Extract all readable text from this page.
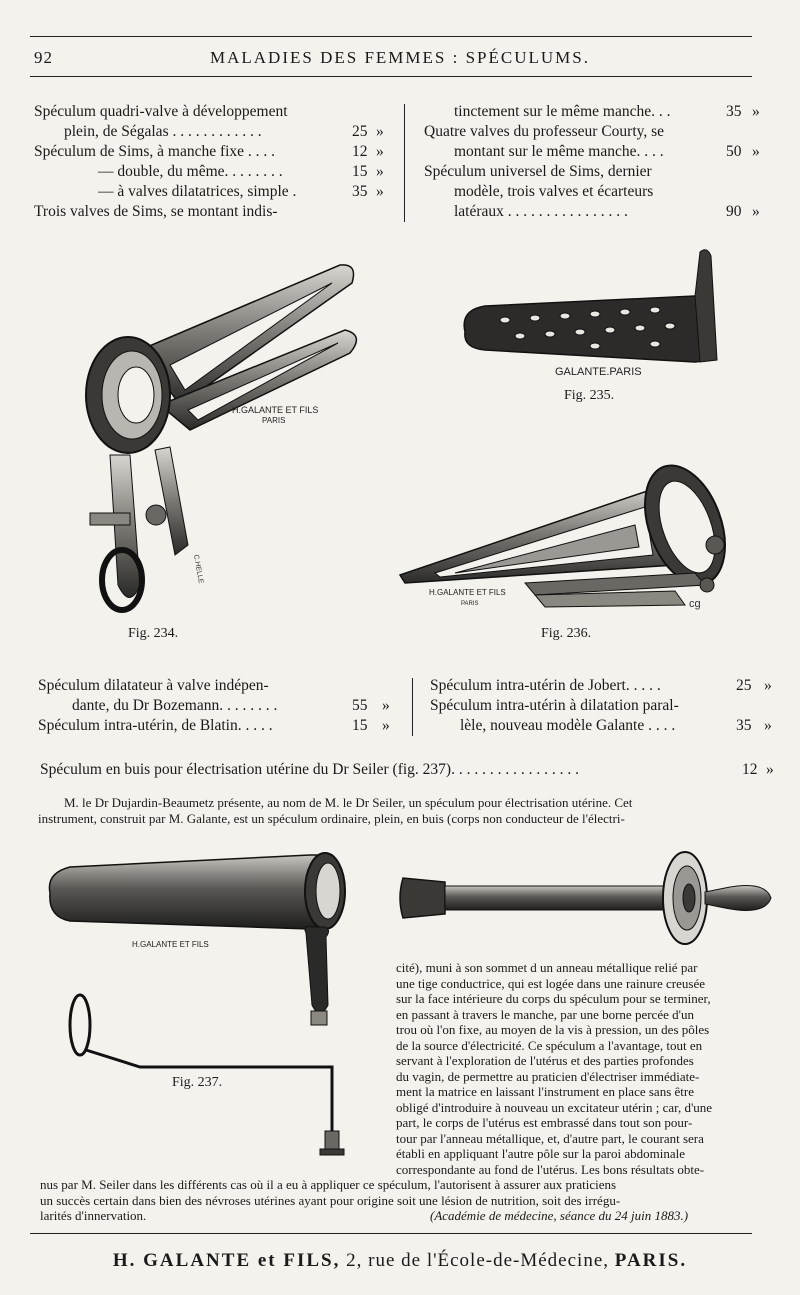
92	MALADIES DES FEMMES : SPÉCULUMS.
Spéculum quadri-valve à développement
plein, de Ségalas . . . . . . . . . . . .	25 »
Spéculum de Sims, à manche fixe . . . .	12 »
— double, du même. . . . . . . .	15 »
— à valves dilatatrices, simple .	35 »
Trois valves de Sims, se montant indis-
tinctement sur le même manche. . .	35 »
Quatre valves du professeur Courty, se
montant sur le même manche. . . .	50 »
Spéculum universel de Sims, dernier
modèle, trois valves et écarteurs
latéraux . . . . . . . . . . . . . . . .	90 »
H.GALANTE ET FILS
PARIS
C.HELLE
Fig. 234.
GALANTE.PARIS
Fig. 235.
H.GALANTE ET FILS
PARIS	cg
Fig. 236.
Spéculum dilatateur à valve indépen-
dante, du Dr Bozemann. . . . . . . .	55 »
Spéculum intra-utérin, de Blatin. . . . .	15 »
Spéculum intra-utérin de Jobert. . . . .	25 »
Spéculum intra-utérin à dilatation paral-
lèle, nouveau modèle Galante . . . .	35 »
Spéculum en buis pour électrisation utérine du Dr Seiler (fig. 237). . . . . . . . . . . . . . . . .	12 »
M. le Dr Dujardin-Beaumetz présente, au nom de M. le Dr Seiler, un spéculum pour électrisation utérine. Cet
instrument, construit par M. Galante, est un spéculum ordinaire, plein, en buis (corps non conducteur de l'électri-
H.GALANTE ET FILS
Fig. 237.
cité), muni à son sommet d un anneau métallique relié par
une tige conductrice, qui est logée dans une rainure creusée
sur la face intérieure du corps du spéculum pour se terminer,
en passant à travers le manche, par une borne percée d'un
trou où l'on fixe, au moyen de la vis à pression, un des pôles
de la source d'électricité. Ce spéculum a l'avantage, tout en
servant à l'exploration de l'utérus et des parties profondes
du vagin, de permettre au praticien d'électriser immédiate-
ment la matrice en laissant l'instrument en place sans être
obligé d'introduire à nouveau un excitateur utérin ; car, d'une
part, le corps de l'utérus est embrassé dans tout son pour-
tour par l'anneau métallique, et, d'autre part, le courant sera
établi en appliquant l'autre pôle sur la paroi abdominale
correspondante au fond de l'utérus. Les bons résultats obte-
nus par M. Seiler dans les différents cas où il a eu à appliquer ce spéculum, l'autorisent à assurer aux praticiens
un succès certain dans bien des névroses utérines ayant pour origine soit une lésion de nutrition, soit des irrégu-
larités d'innervation.	(Académie de médecine, séance du 24 juin 1883.)
H. GALANTE et FILS, 2, rue de l'École-de-Médecine, PARIS.
